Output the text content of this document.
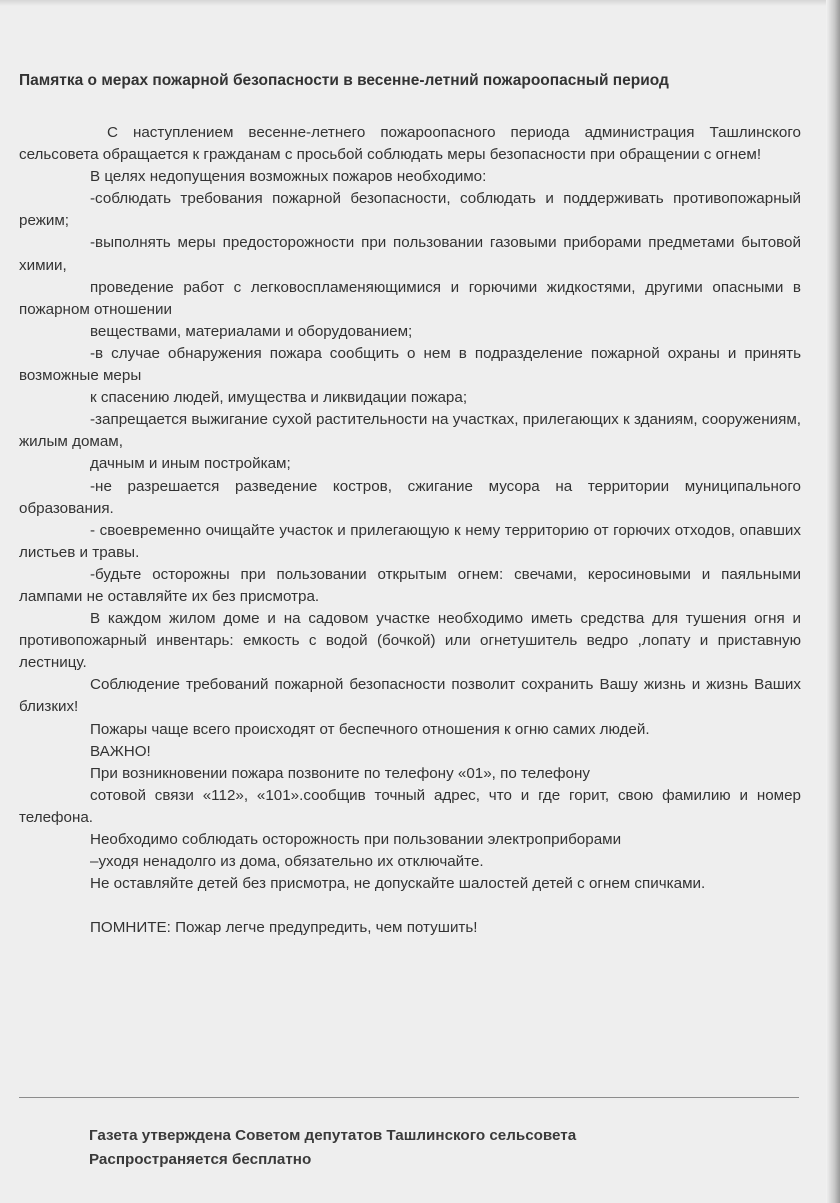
Памятка о мерах пожарной безопасности в весенне-летний пожароопасный период

С наступлением весенне-летнего пожароопасного периода администрация Ташлинского сельсовета обращается к гражданам с просьбой соблюдать меры безопасности при обращении с огнем!

В целях недопущения возможных пожаров необходимо:

-соблюдать требования пожарной безопасности, соблюдать и поддерживать противопожарный режим;

-выполнять меры предосторожности при пользовании газовыми приборами предметами бытовой химии,

проведение работ с легковоспламеняющимися и горючими жидкостями, другими опасными в пожарном отношении

веществами, материалами и оборудованием;

-в случае обнаружения пожара сообщить о нем в подразделение пожарной охраны и принять возможные меры

к спасению людей, имущества и ликвидации пожара;

-запрещается выжигание сухой растительности на участках, прилегающих к зданиям, сооружениям, жилым домам,

дачным и иным постройкам;

-не разрешается разведение костров, сжигание мусора на территории муниципального образования.

- своевременно очищайте участок и прилегающую к нему территорию от горючих отходов, опавших листьев и травы.

-будьте осторожны при пользовании открытым огнем: свечами, керосиновыми и паяльными лампами не оставляйте их без присмотра.

В каждом жилом доме и на садовом участке необходимо иметь средства для тушения огня и противопожарный инвентарь: емкость с водой (бочкой) или огнетушитель ведро ,лопату и приставную лестницу.

Соблюдение требований пожарной безопасности позволит сохранить Вашу жизнь и жизнь Ваших близких!

Пожары чаще всего происходят от беспечного отношения к огню самих людей.

ВАЖНО!

При возникновении пожара позвоните по телефону «01», по телефону

сотовой связи «112», «101».сообщив точный адрес, что и где горит, свою фамилию и номер телефона.

Необходимо соблюдать осторожность при пользовании электроприборами

–уходя ненадолго из дома, обязательно их отключайте.

Не оставляйте детей без присмотра, не допускайте шалостей детей с огнем спичками.

ПОМНИТЕ: Пожар легче предупредить, чем потушить!

Газета утверждена Советом депутатов Ташлинского сельсовета
Распространяется бесплатно
